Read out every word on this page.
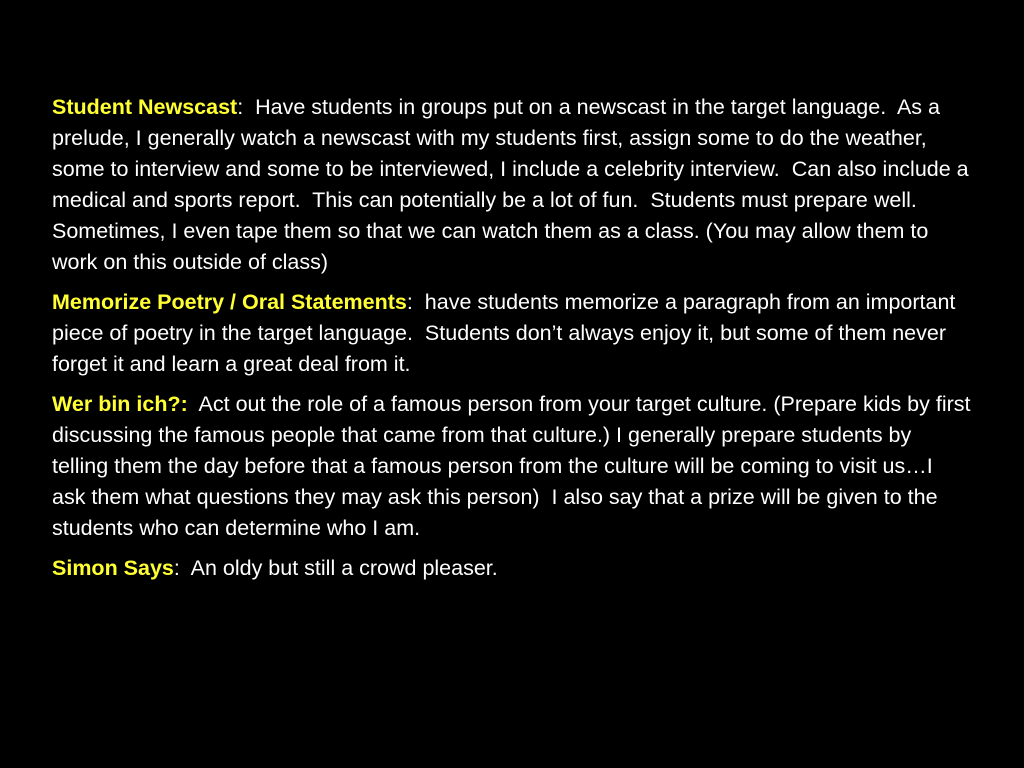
Student Newscast:  Have students in groups put on a newscast in the target language.  As a prelude, I generally watch a newscast with my students first, assign some to do the weather, some to interview and some to be interviewed, I include a celebrity interview.  Can also include a medical and sports report.  This can potentially be a lot of fun.  Students must prepare well.  Sometimes, I even tape them so that we can watch them as a class. (You may allow them to work on this outside of class)

Memorize Poetry / Oral Statements:  have students memorize a paragraph from an important piece of poetry in the target language.  Students don’t always enjoy it, but some of them never forget it and learn a great deal from it.

Wer bin ich?: Act out the role of a famous person from your target culture. (Prepare kids by first discussing the famous people that came from that culture.) I generally prepare students by telling them the day before that a famous person from the culture will be coming to visit us…I ask them what questions they may ask this person)  I also say that a prize will be given to the students who can determine who I am.

Simon Says:  An oldy but still a crowd pleaser.
